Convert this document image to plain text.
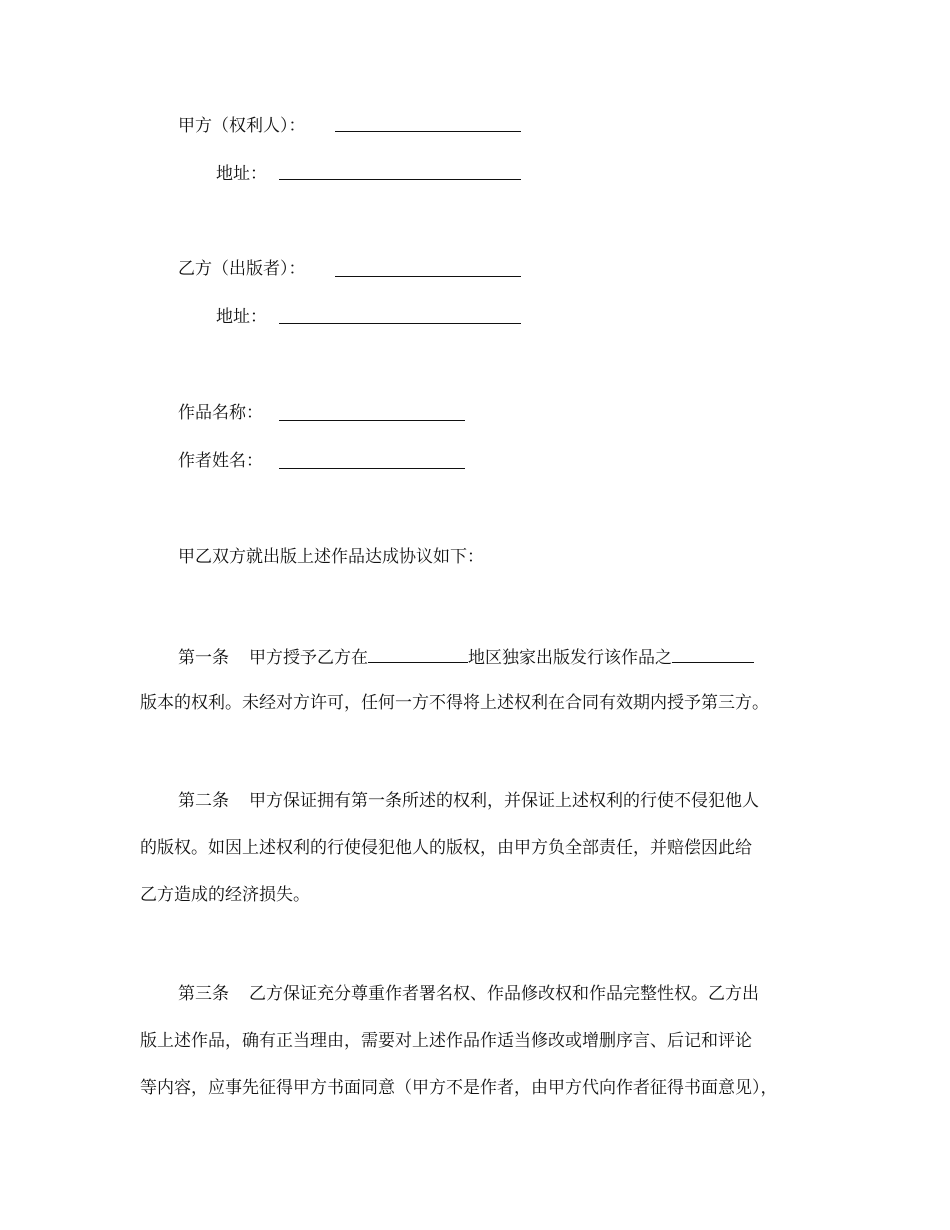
甲方（权利人）：
地址：
乙方（出版者）：
地址：
作品名称：
作者姓名：
甲乙双方就出版上述作品达成协议如下：
第一条 甲方授予乙方在	地区独家出版发行该作品之
版本的权利。未经对方许可，任何一方不得将上述权利在合同有效期内授予第三方。
第二条 甲方保证拥有第一条所述的权利，并保证上述权利的行使不侵犯他人
的版权。如因上述权利的行使侵犯他人的版权，由甲方负全部责任，并赔偿因此给
乙方造成的经济损失。
第三条 乙方保证充分尊重作者署名权、作品修改权和作品完整性权。乙方出
版上述作品，确有正当理由，需要对上述作品作适当修改或增删序言、后记和评论
等内容，应事先征得甲方书面同意（甲方不是作者，由甲方代向作者征得书面意见），
